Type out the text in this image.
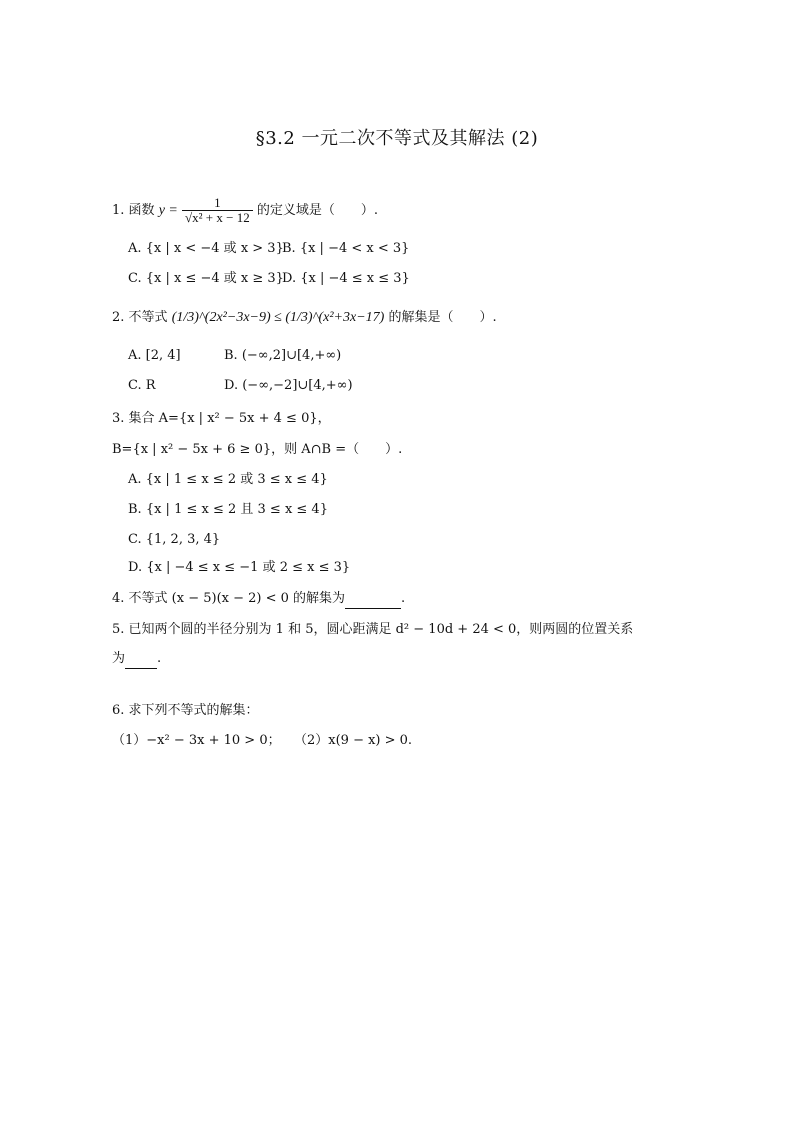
§3.2 一元二次不等式及其解法 (2)
1. 函数 $y = \frac{1}{\text{√x² + x − 12}}$ 的定义域是（　　）.
A. {x | x < −4 或 x > 3}
B. {x | −4 < x < 3}
C. {x | x ≤ −4 或 x ≥ 3}
D. {x | −4 ≤ x ≤ 3}
2. 不等式 (1/3)^(2x²−3x−9) ≤ (1/3)^(x²+3x−17) 的解集是（　　）.
A. [2, 4]	B. (−∞,2]∪[4,+∞)
C. R	D. (−∞,−2]∪[4,+∞)
3. 集合 A={x | x² − 5x + 4 ≤ 0}，
B={x | x² − 5x + 6 ≥ 0}，则 A∩B =（　　）.
A. {x | 1 ≤ x ≤ 2 或 3 ≤ x ≤ 4}
B. {x | 1 ≤ x ≤ 2 且 3 ≤ x ≤ 4}
C. {1, 2, 3, 4}
D. {x | −4 ≤ x ≤ −1 或 2 ≤ x ≤ 3}
4. 不等式 (x − 5)(x − 2) < 0 的解集为	.
5. 已知两个圆的半径分别为 1 和 5，圆心距满足 d² − 10d + 24 < 0，则两圆的位置关系
为 .
6. 求下列不等式的解集：
（1）−x² − 3x + 10 > 0； （2）x(9 − x) > 0.
